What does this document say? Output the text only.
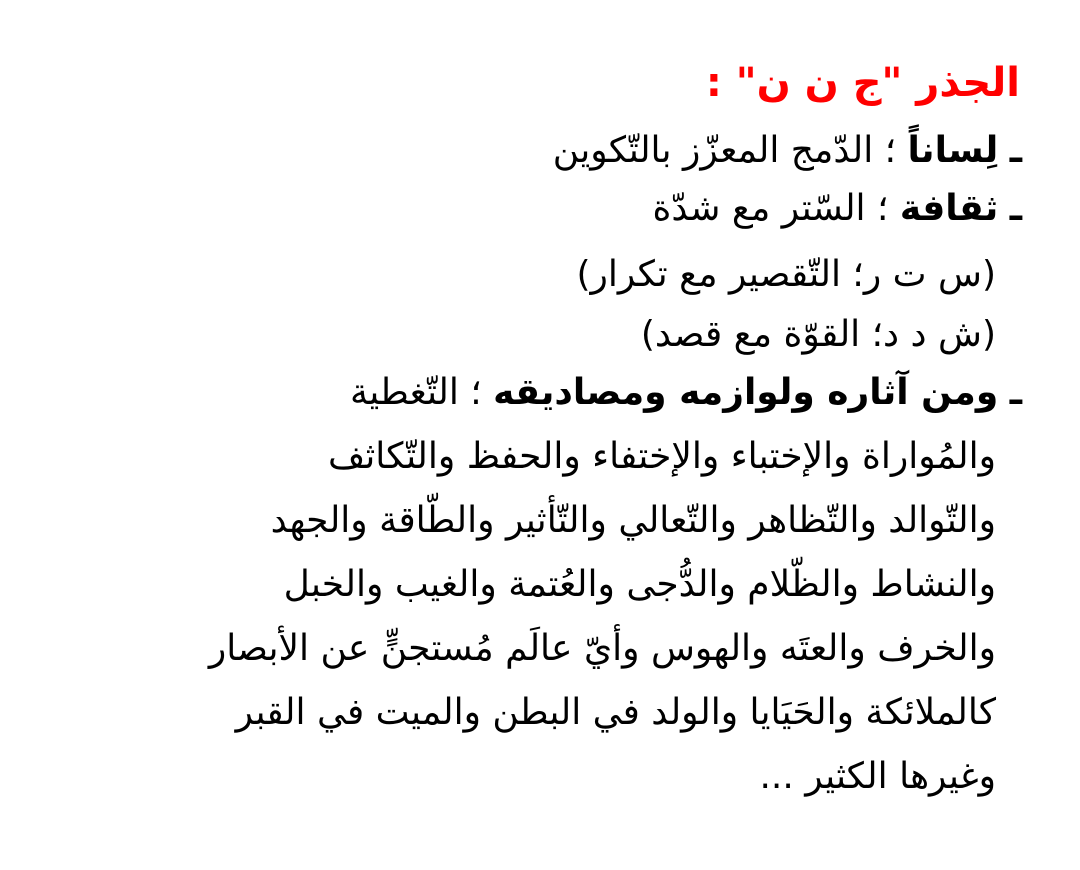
الجذر "ج ن ن" :
ـ لِساناً ؛ الدّمج المعزّز بالتّكوين
ـ ثقافة ؛ السّتر مع شدّة
(س ت ر؛ التّقصير مع تكرار)
(ش د د؛ القوّة مع قصد)
ـ ومن آثاره ولوازمه ومصاديقه ؛ التّغطية
والمُواراة والإختباء والإختفاء والحفظ والتّكاثف
والتّوالد والتّظاهر والتّعالي والتّأثير والطّاقة والجهد
والنشاط والظّلام والدُّجى والعُتمة والغيب والخبل
والخرف والعتَه والهوس وأيّ عالَم مُستجنٍّ عن الأبصار
كالملائكة والحَيَايا والولد في البطن والميت في القبر
وغيرها الكثير ...
